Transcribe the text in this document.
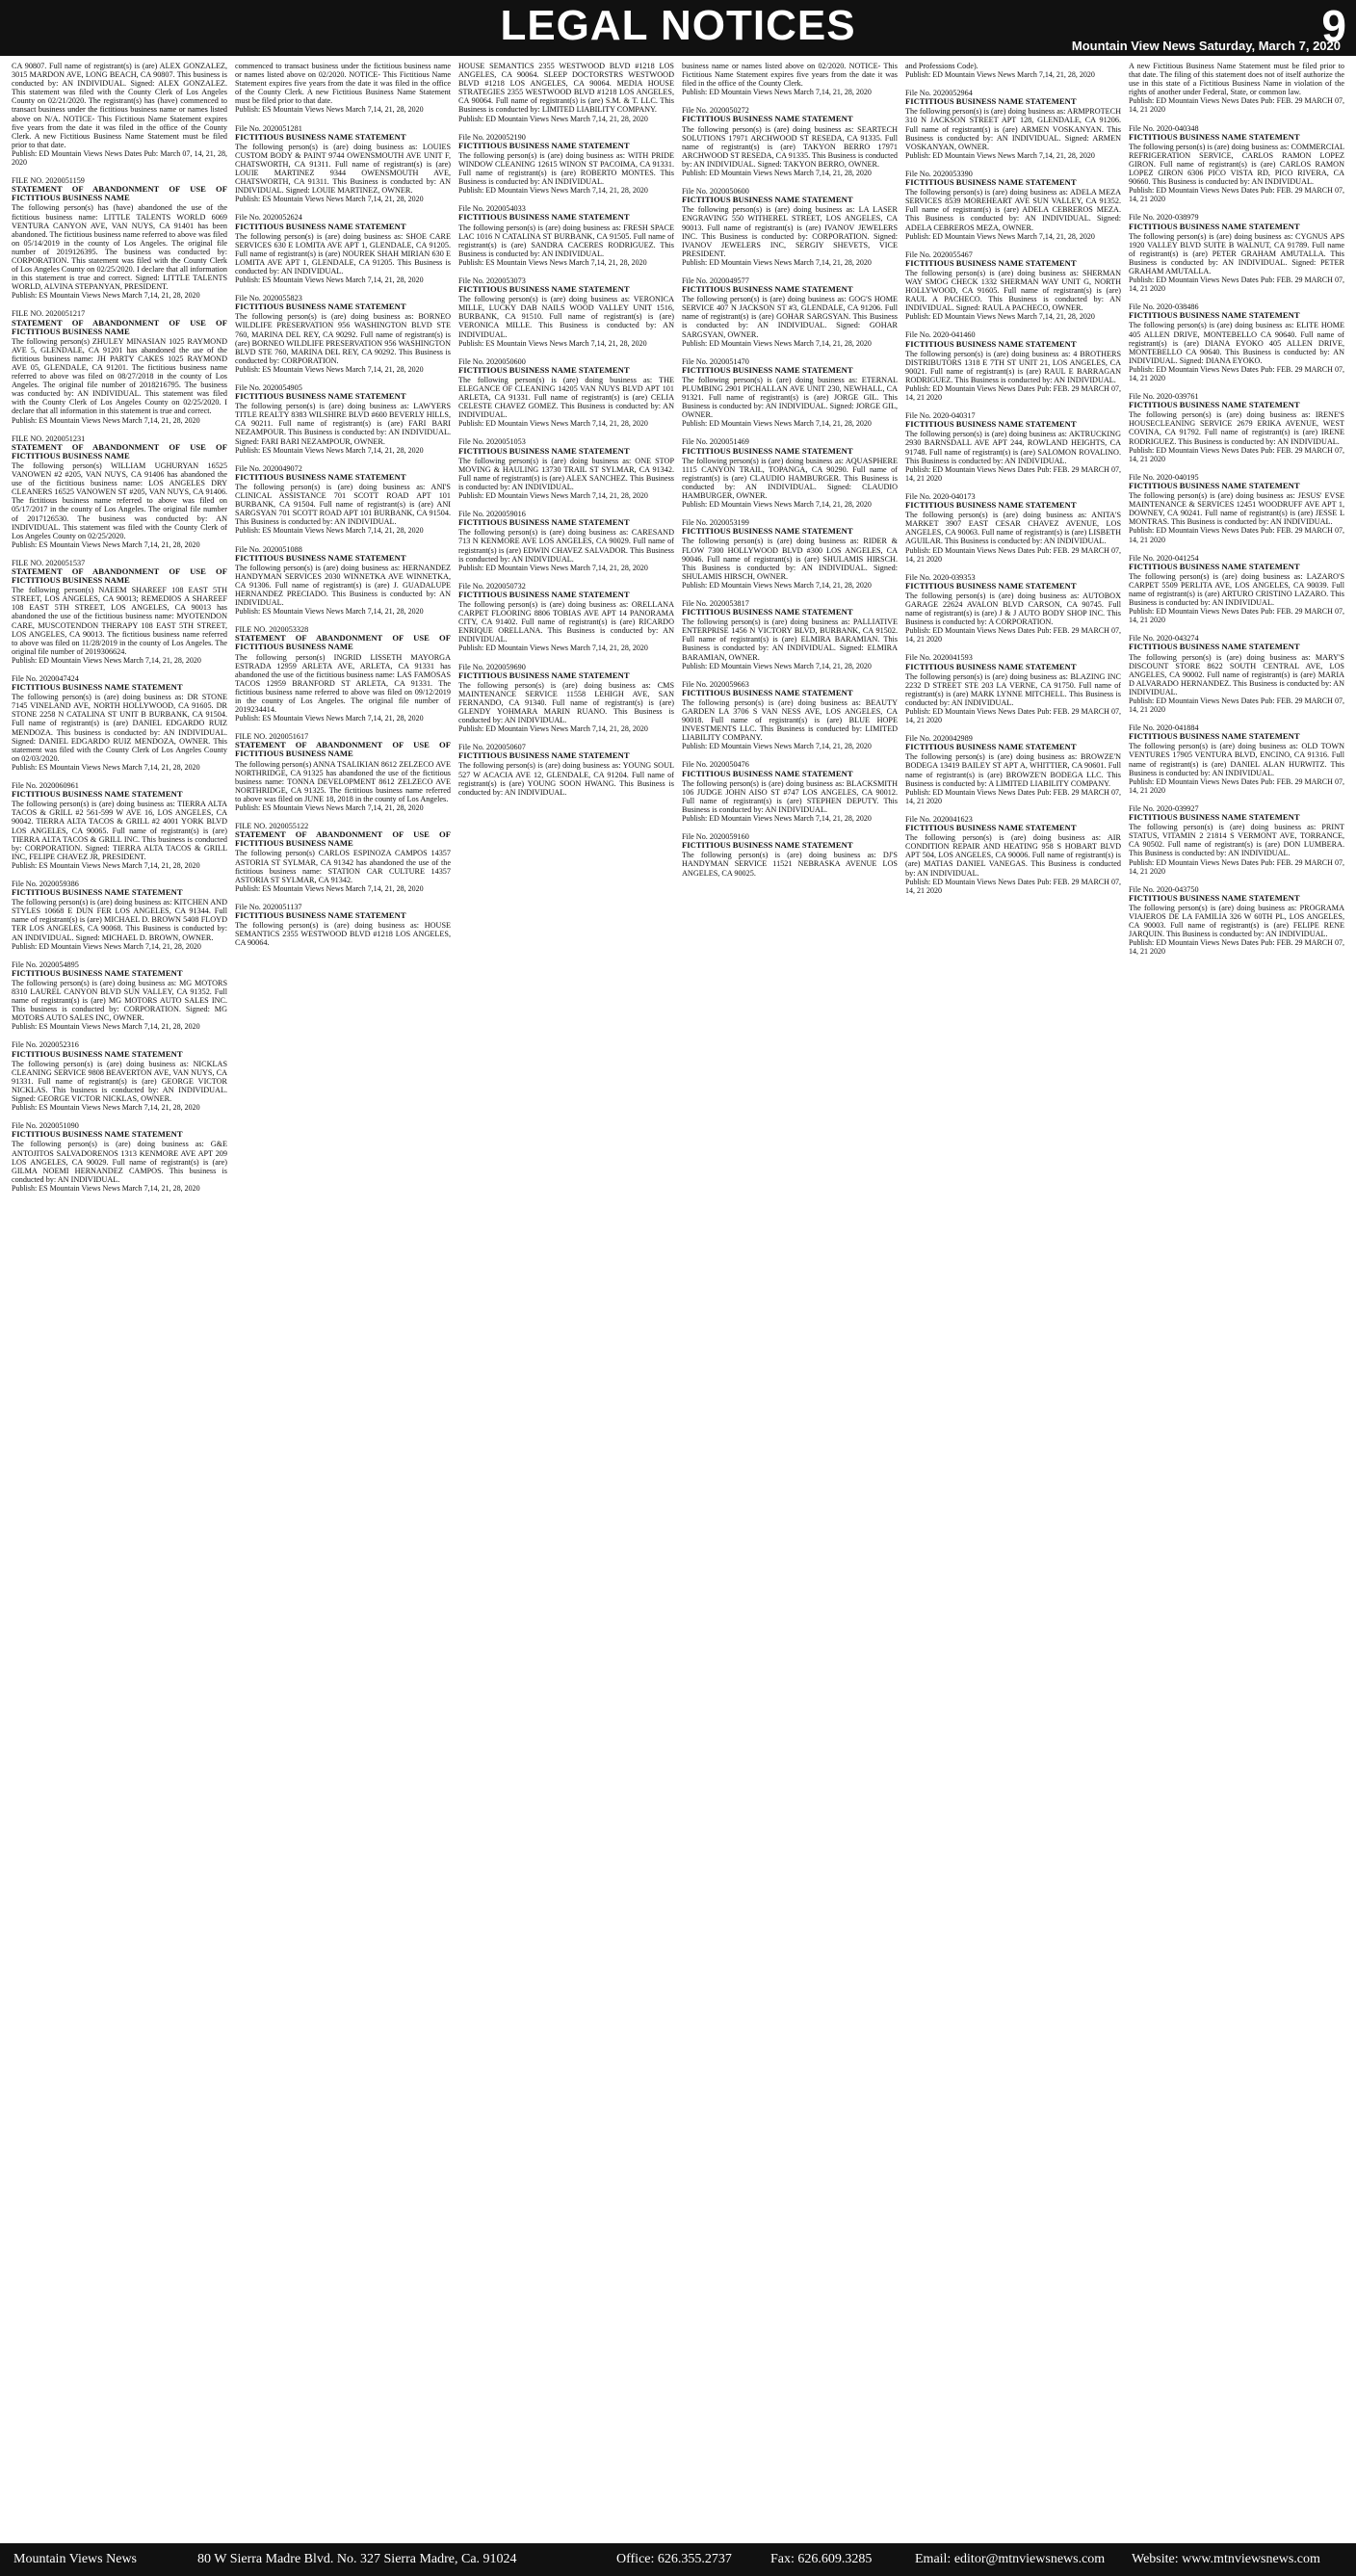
LEGAL NOTICES	9
Mountain View News Saturday, March 7, 2020
CA 90807. Full name of registrant(s) is (are) ALEX GONZALEZ, 3015 MARDON AVE, LONG BEACH, CA 90807. This business is conducted by: AN INDIVIDUAL. Signed: ALEX GONZALEZ. This statement was filed with the County Clerk of Los Angeles County on 02/21/2020. The registrant(s) has (have) commenced to transact business under the fictitious business name or names listed above on N/A. NOTICE- This Fictitious Name Statement expires five years from the date it was filed in the office of the County Clerk. A new Fictitious Business Name Statement must be filed prior to that date.
Publish: ED Mountain Views News Dates Pub: March 07, 14, 21, 28, 2020
FILE NO. 2020051159
STATEMENT OF ABANDONMENT OF USE OF FICTITIOUS BUSINESS NAME
The following person(s) has (have) abandoned the use of the fictitious business name: LITTLE TALENTS WORLD 6069 VENTURA CANYON AVE, VAN NUYS, CA 91401 has been abandoned. The fictitious business name referred to above was filed on 05/14/2019 in the county of Los Angeles. The original file number of 2019126395. The business was conducted by: CORPORATION. This statement was filed with the County Clerk of Los Angeles County on 02/25/2020. I declare that all information in this statement is true and correct. Signed: LITTLE TALENTS WORLD, ALVINA STEPANYAN, PRESIDENT.
Publish: ES Mountain Views News March 7,14, 21, 28, 2020
FILE NO. 2020051217
STATEMENT OF ABANDONMENT OF USE OF FICTITIOUS BUSINESS NAME
The following person(s) ZHULEY MINASIAN 1025 RAYMOND AVE 5, GLENDALE, CA 91201 has abandoned the use of the fictitious business name: JH PARTY CAKES 1025 RAYMOND AVE 05, GLENDALE, CA 91201. The fictitious business name referred to above was filed on 08/27/2018 in the county of Los Angeles. The original file number of 2018216795. The business was conducted by: AN INDIVIDUAL. This statement was filed with the County Clerk of Los Angeles County on 02/25/2020. I declare that all information in this statement is true and correct.
Publish: ES Mountain Views News March 7,14, 21, 28, 2020
FILE NO. 2020051231
STATEMENT OF ABANDONMENT OF USE OF FICTITIOUS BUSINESS NAME
The following person(s) WILLIAM UGHURYAN 16525 VANOWEN #2 #205, VAN NUYS, CA 91406 has abandoned the use of the fictitious business name: LOS ANGELES DRY CLEANERS 16525 VANOWEN ST #205, VAN NUYS, CA 91406. The fictitious business name referred to above was filed on 05/17/2017 in the county of Los Angeles. The original file number of 2017126530. The business was conducted by: AN INDIVIDUAL. This statement was filed with the County Clerk of Los Angeles County on 02/25/2020.
Publish: ES Mountain Views News March 7,14, 21, 28, 2020
FILE NO. 2020051537
STATEMENT OF ABANDONMENT OF USE OF FICTITIOUS BUSINESS NAME
The following person(s) NAEEM SHAREEF 108 EAST 5TH STREET, LOS ANGELES, CA 90013; REMEDIOS A SHAREEF 108 EAST 5TH STREET, LOS ANGELES, CA 90013 has abandoned the use of the fictitious business name: MYOTENDON CARE, MUSCOTENDON THERAPY 108 EAST 5TH STREET, LOS ANGELES, CA 90013. The fictitious business name referred to above was filed on 11/28/2019 in the county of Los Angeles. The original file number of 2019306624.
Publish: ED Mountain Views News March 7,14, 21, 28, 2020
File No. 2020047424
FICTITIOUS BUSINESS NAME STATEMENT
The following person(s) is (are) doing business as: DR STONE 7145 VINELAND AVE, NORTH HOLLYWOOD, CA 91605. DR STONE 2258 N CATALINA ST UNIT B BURBANK, CA 91504. Full name of registrant(s) is (are) DANIEL EDGARDO RUIZ MENDOZA. This business is conducted by: AN INDIVIDUAL. Signed: DANIEL EDGARDO RUIZ MENDOZA, OWNER. This statement was filed with the County Clerk of Los Angeles County on 02/03/2020.
Publish: ES Mountain Views News March 7,14, 21, 28, 2020
File No. 2020060961
FICTITIOUS BUSINESS NAME STATEMENT
The following person(s) is (are) doing business as: TIERRA ALTA TACOS & GRILL #2 561-599 W AVE 16, LOS ANGELES, CA 90042. TIERRA ALTA TACOS & GRILL #2 4001 YORK BLVD LOS ANGELES, CA 90065. Full name of registrant(s) is (are) TIERRA ALTA TACOS & GRILL INC. This business is conducted by: CORPORATION. Signed: TIERRA ALTA TACOS & GRILL INC, FELIPE CHAVEZ JR, PRESIDENT.
Publish: ES Mountain Views News March 7,14, 21, 28, 2020
File No. 2020059386
FICTITIOUS BUSINESS NAME STATEMENT
The following person(s) is (are) doing business as: KITCHEN AND STYLES 10668 E DUN FER LOS ANGELES, CA 91344. Full name of registrant(s) is (are) MICHAEL D. BROWN 5408 FLOYD TER LOS ANGELES, CA 90068. This Business is conducted by: AN INDIVIDUAL. Signed: MICHAEL D. BROWN, OWNER.
Publish: ED Mountain Views News March 7,14, 21, 28, 2020
File No. 2020054895
FICTITIOUS BUSINESS NAME STATEMENT
The following person(s) is (are) doing business as: MG MOTORS 8310 LAUREL CANYON BLVD SUN VALLEY, CA 91352. Full name of registrant(s) is (are) MG MOTORS AUTO SALES INC. This business is conducted by: CORPORATION. Signed: MG MOTORS AUTO SALES INC, OWNER.
Publish: ES Mountain Views News March 7,14, 21, 28, 2020
File No. 2020052316
FICTITIOUS BUSINESS NAME STATEMENT
The following person(s) is (are) doing business as: NICKLAS CLEANING SERVICE 9808 BEAVERTON AVE, VAN NUYS, CA 91331. Full name of registrant(s) is (are) GEORGE VICTOR NICKLAS. This business is conducted by: AN INDIVIDUAL. Signed: GEORGE VICTOR NICKLAS, OWNER.
Publish: ES Mountain Views News March 7,14, 21, 28, 2020
File No. 2020051090
FICTITIOUS BUSINESS NAME STATEMENT
The following person(s) is (are) doing business as: G&E ANTOJITOS SALVADORENOS 1313 KENMORE AVE APT 209 LOS ANGELES, CA 90029. Full name of registrant(s) is (are) GILMA NOEMI HERNANDEZ CAMPOS. This business is conducted by: AN INDIVIDUAL.
Publish: ES Mountain Views News March 7,14, 21, 28, 2020
commenced to transact business under the fictitious business name or names listed above on 02/2020. NOTICE- This Fictitious Name Statement expires five years from the date it was filed in the office of the County Clerk. A new Fictitious Business Name Statement must be filed prior to that date.
Publish: ES Mountain Views News March 7,14, 21, 28, 2020
File No. 2020051281
FICTITIOUS BUSINESS NAME STATEMENT
The following person(s) is (are) doing business as: LOUIES CUSTOM BODY & PAINT 9744 OWENSMOUTH AVE UNIT F, CHATSWORTH, CA 91311. Full name of registrant(s) is (are) LOUIE MARTINEZ 9344 OWENSMOUTH AVE, CHATSWORTH, CA 91311. This Business is conducted by: AN INDIVIDUAL. Signed: LOUIE MARTINEZ, OWNER.
Publish: ES Mountain Views News March 7,14, 21, 28, 2020
File No. 2020052624
FICTITIOUS BUSINESS NAME STATEMENT
The following person(s) is (are) doing business as: SHOE CARE SERVICES 630 E LOMITA AVE APT 1, GLENDALE, CA 91205. Full name of registrant(s) is (are) NOUREK SHAH MIRIAN 630 E LOMITA AVE APT 1, GLENDALE, CA 91205. This Business is conducted by: AN INDIVIDUAL.
Publish: ES Mountain Views News March 7,14, 21, 28, 2020
File No. 2020055823
FICTITIOUS BUSINESS NAME STATEMENT
The following person(s) is (are) doing business as: BORNEO WILDLIFE PRESERVATION 956 WASHINGTON BLVD STE 760, MARINA DEL REY, CA 90292. Full name of registrant(s) is (are) BORNEO WILDLIFE PRESERVATION 956 WASHINGTON BLVD STE 760, MARINA DEL REY, CA 90292. This Business is conducted by: CORPORATION.
Publish: ES Mountain Views News March 7,14, 21, 28, 2020
File No. 2020054905
FICTITIOUS BUSINESS NAME STATEMENT
The following person(s) is (are) doing business as: LAWYERS TITLE REALTY 8383 WILSHIRE BLVD #600 BEVERLY HILLS, CA 90211. Full name of registrant(s) is (are) FARI BARI NEZAMPOUR. This Business is conducted by: AN INDIVIDUAL. Signed: FARI BARI NEZAMPOUR, OWNER.
Publish: ES Mountain Views News March 7,14, 21, 28, 2020
File No. 2020049072
FICTITIOUS BUSINESS NAME STATEMENT
The following person(s) is (are) doing business as: ANI'S CLINICAL ASSISTANCE 701 SCOTT ROAD APT 101 BURBANK, CA 91504. Full name of registrant(s) is (are) ANI SARGSYAN 701 SCOTT ROAD APT 101 BURBANK, CA 91504. This Business is conducted by: AN INDIVIDUAL.
Publish: ES Mountain Views News March 7,14, 21, 28, 2020
File No. 2020051088
FICTITIOUS BUSINESS NAME STATEMENT
The following person(s) is (are) doing business as: HERNANDEZ HANDYMAN SERVICES 2030 WINNETKA AVE WINNETKA, CA 91306. Full name of registrant(s) is (are) J. GUADALUPE HERNANDEZ PRECIADO. This Business is conducted by: AN INDIVIDUAL.
Publish: ES Mountain Views News March 7,14, 21, 28, 2020
FILE NO. 2020053328
STATEMENT OF ABANDONMENT OF USE OF FICTITIOUS BUSINESS NAME
The following person(s) INGRID LISSETH MAYORGA ESTRADA 12959 ARLETA AVE, ARLETA, CA 91331 has abandoned the use of the fictitious business name: LAS FAMOSAS TACOS 12959 BRANFORD ST ARLETA, CA 91331. The fictitious business name referred to above was filed on 09/12/2019 in the county of Los Angeles. The original file number of 2019234414.
Publish: ES Mountain Views News March 7,14, 21, 28, 2020
FILE NO. 2020051617
STATEMENT OF ABANDONMENT OF USE OF FICTITIOUS BUSINESS NAME
The following person(s) ANNA TSALIKIAN 8612 ZELZECO AVE NORTHRIDGE, CA 91325 has abandoned the use of the fictitious business name: TONNA DEVELOPMENT 8612 ZELZECO AVE NORTHRIDGE, CA 91325. The fictitious business name referred to above was filed on JUNE 18, 2018 in the county of Los Angeles.
Publish: ES Mountain Views News March 7,14, 21, 28, 2020
FILE NO. 2020055122
STATEMENT OF ABANDONMENT OF USE OF FICTITIOUS BUSINESS NAME
The following person(s) CARLOS ESPINOZA CAMPOS 14357 ASTORIA ST SYLMAR, CA 91342 has abandoned the use of the fictitious business name: STATION CAR CULTURE 14357 ASTORIA ST SYLMAR, CA 91342.
Publish: ES Mountain Views News March 7,14, 21, 28, 2020
File No. 2020051137
FICTITIOUS BUSINESS NAME STATEMENT
The following person(s) is (are) doing business as: HOUSE SEMANTICS 2355 WESTWOOD BLVD #1218 LOS ANGELES, CA 90064.
HOUSE SEMANTICS 2355 WESTWOOD BLVD #1218 LOS ANGELES, CA 90064. SLEEP DOCTORSTRS WESTWOOD BLVD #1218 LOS ANGELES, CA 90064. MEDIA HOUSE STRATEGIES 2355 WESTWOOD BLVD #1218 LOS ANGELES, CA 90064. Full name of registrant(s) is (are) S.M. & T. LLC. This Business is conducted by: LIMITED LIABILITY COMPANY.
Publish: ED Mountain Views News March 7,14, 21, 28, 2020
File No. 2020052190
FICTITIOUS BUSINESS NAME STATEMENT
The following person(s) is (are) doing business as: WITH PRIDE WINDOW CLEANING 12615 WINON ST PACOIMA, CA 91331. Full name of registrant(s) is (are) ROBERTO MONTES. This Business is conducted by: AN INDIVIDUAL.
Publish: ED Mountain Views News March 7,14, 21, 28, 2020
File No. 2020054033
FICTITIOUS BUSINESS NAME STATEMENT
The following person(s) is (are) doing business as: FRESH SPACE LAC 1016 N CATALINA ST BURBANK, CA 91505. Full name of registrant(s) is (are) SANDRA CACERES RODRIGUEZ. This Business is conducted by: AN INDIVIDUAL.
Publish: ES Mountain Views News March 7,14, 21, 28, 2020
File No. 2020053073
FICTITIOUS BUSINESS NAME STATEMENT
The following person(s) is (are) doing business as: VERONICA MILLE, LUCKY DAB NAILS WOOD VALLEY UNIT 1516, BURBANK, CA 91510. Full name of registrant(s) is (are) VERONICA MILLE. This Business is conducted by: AN INDIVIDUAL.
Publish: ES Mountain Views News March 7,14, 21, 28, 2020
File No. 2020050600
FICTITIOUS BUSINESS NAME STATEMENT
The following person(s) is (are) doing business as: THE ELEGANCE OF CLEANING 14205 VAN NUYS BLVD APT 101 ARLETA, CA 91331. Full name of registrant(s) is (are) CELIA CELESTE CHAVEZ GOMEZ. This Business is conducted by: AN INDIVIDUAL.
Publish: ED Mountain Views News March 7,14, 21, 28, 2020
File No. 2020051053
FICTITIOUS BUSINESS NAME STATEMENT
The following person(s) is (are) doing business as: ONE STOP MOVING & HAULING 13730 TRAIL ST SYLMAR, CA 91342. Full name of registrant(s) is (are) ALEX SANCHEZ. This Business is conducted by: AN INDIVIDUAL.
Publish: ED Mountain Views News March 7,14, 21, 28, 2020
File No. 2020059016
FICTITIOUS BUSINESS NAME STATEMENT
The following person(s) is (are) doing business as: CARESAND 713 N KENMORE AVE LOS ANGELES, CA 90029. Full name of registrant(s) is (are) EDWIN CHAVEZ SALVADOR. This Business is conducted by: AN INDIVIDUAL.
Publish: ED Mountain Views News March 7,14, 21, 28, 2020
File No. 2020050732
FICTITIOUS BUSINESS NAME STATEMENT
The following person(s) is (are) doing business as: ORELLANA CARPET FLOORING 8806 TOBIAS AVE APT 14 PANORAMA CITY, CA 91402. Full name of registrant(s) is (are) RICARDO ENRIQUE ORELLANA. This Business is conducted by: AN INDIVIDUAL.
Publish: ED Mountain Views News March 7,14, 21, 28, 2020
File No. 2020059690
FICTITIOUS BUSINESS NAME STATEMENT
The following person(s) is (are) doing business as: CMS MAINTENANCE SERVICE 11558 LEHIGH AVE, SAN FERNANDO, CA 91340. Full name of registrant(s) is (are) GLENDY YOHMARA MARIN RUANO. This Business is conducted by: AN INDIVIDUAL.
Publish: ED Mountain Views News March 7,14, 21, 28, 2020
File No. 2020050607
FICTITIOUS BUSINESS NAME STATEMENT
The following person(s) is (are) doing business as: YOUNG SOUL 527 W ACACIA AVE 12, GLENDALE, CA 91204. Full name of registrant(s) is (are) YOUNG SOON HWANG. This Business is conducted by: AN INDIVIDUAL.
business name or names listed above on 02/2020. NOTICE- This Fictitious Name Statement expires five years from the date it was filed in the office of the County Clerk.
Publish: ED Mountain Views News March 7,14, 21, 28, 2020
File No. 2020050272
FICTITIOUS BUSINESS NAME STATEMENT
The following person(s) is (are) doing business as: SEARTECH SOLUTIONS 17971 ARCHWOOD ST RESEDA, CA 91335. Full name of registrant(s) is (are) TAKYON BERRO 17971 ARCHWOOD ST RESEDA, CA 91335. This Business is conducted by: AN INDIVIDUAL. Signed: TAKYON BERRO, OWNER.
Publish: ED Mountain Views News March 7,14, 21, 28, 2020
File No. 2020050600
FICTITIOUS BUSINESS NAME STATEMENT
The following person(s) is (are) doing business as: LA LASER ENGRAVING 550 WITHEREL STREET, LOS ANGELES, CA 90013. Full name of registrant(s) is (are) IVANOV JEWELERS INC. This Business is conducted by: CORPORATION. Signed: IVANOV JEWELERS INC, SERGIY SHEVETS, VICE PRESIDENT.
Publish: ED Mountain Views News March 7,14, 21, 28, 2020
File No. 2020049577
FICTITIOUS BUSINESS NAME STATEMENT
The following person(s) is (are) doing business as: GOG'S HOME SERVICE 407 N JACKSON ST #3, GLENDALE, CA 91206. Full name of registrant(s) is (are) GOHAR SARGSYAN. This Business is conducted by: AN INDIVIDUAL. Signed: GOHAR SARGSYAN, OWNER.
Publish: ED Mountain Views News March 7,14, 21, 28, 2020
File No. 2020051470
FICTITIOUS BUSINESS NAME STATEMENT
The following person(s) is (are) doing business as: ETERNAL PLUMBING 2901 PICHALLAN AVE UNIT 230, NEWHALL, CA 91321. Full name of registrant(s) is (are) JORGE GIL. This Business is conducted by: AN INDIVIDUAL. Signed: JORGE GIL, OWNER.
Publish: ED Mountain Views News March 7,14, 21, 28, 2020
File No. 2020051469
FICTITIOUS BUSINESS NAME STATEMENT
The following person(s) is (are) doing business as: AQUASPHERE 1115 CANYON TRAIL, TOPANGA, CA 90290. Full name of registrant(s) is (are) CLAUDIO HAMBURGER. This Business is conducted by: AN INDIVIDUAL. Signed: CLAUDIO HAMBURGER, OWNER.
Publish: ED Mountain Views News March 7,14, 21, 28, 2020
File No. 2020053199
FICTITIOUS BUSINESS NAME STATEMENT
The following person(s) is (are) doing business as: RIDER & FLOW 7300 HOLLYWOOD BLVD #300 LOS ANGELES, CA 90046. Full name of registrant(s) is (are) SHULAMIS HIRSCH. This Business is conducted by: AN INDIVIDUAL. Signed: SHULAMIS HIRSCH, OWNER.
Publish: ED Mountain Views News March 7,14, 21, 28, 2020
File No. 2020053817
FICTITIOUS BUSINESS NAME STATEMENT
The following person(s) is (are) doing business as: PALLIATIVE ENTERPRISE 1456 N VICTORY BLVD, BURBANK, CA 91502. Full name of registrant(s) is (are) ELMIRA BARAMIAN. This Business is conducted by: AN INDIVIDUAL. Signed: ELMIRA BARAMIAN, OWNER.
Publish: ED Mountain Views News March 7,14, 21, 28, 2020
File No. 2020059663
FICTITIOUS BUSINESS NAME STATEMENT
The following person(s) is (are) doing business as: BEAUTY GARDEN LA 3706 S VAN NESS AVE, LOS ANGELES, CA 90018. Full name of registrant(s) is (are) BLUE HOPE INVESTMENTS LLC. This Business is conducted by: LIMITED LIABILITY COMPANY.
Publish: ED Mountain Views News March 7,14, 21, 28, 2020
File No. 2020050476
FICTITIOUS BUSINESS NAME STATEMENT
The following person(s) is (are) doing business as: BLACKSMITH 106 JUDGE JOHN AISO ST #747 LOS ANGELES, CA 90012. Full name of registrant(s) is (are) STEPHEN DEPUTY. This Business is conducted by: AN INDIVIDUAL.
Publish: ED Mountain Views News March 7,14, 21, 28, 2020
File No. 2020059160
FICTITIOUS BUSINESS NAME STATEMENT
The following person(s) is (are) doing business as: DJ'S HANDYMAN SERVICE 11521 NEBRASKA AVENUE LOS ANGELES, CA 90025.
and Professions Code).
Publish: ED Mountain Views News March 7,14, 21, 28, 2020
File No. 2020052964
FICTITIOUS BUSINESS NAME STATEMENT
The following person(s) is (are) doing business as: ARMPROTECH 310 N JACKSON STREET APT 128, GLENDALE, CA 91206. Full name of registrant(s) is (are) ARMEN VOSKANYAN. This Business is conducted by: AN INDIVIDUAL. Signed: ARMEN VOSKANYAN, OWNER.
Publish: ED Mountain Views News March 7,14, 21, 28, 2020
File No. 2020053390
FICTITIOUS BUSINESS NAME STATEMENT
The following person(s) is (are) doing business as: ADELA MEZA SERVICES 8539 MOREHEART AVE SUN VALLEY, CA 91352. Full name of registrant(s) is (are) ADELA CEBREROS MEZA. This Business is conducted by: AN INDIVIDUAL. Signed: ADELA CEBREROS MEZA, OWNER.
Publish: ED Mountain Views News March 7,14, 21, 28, 2020
File No. 2020055467
FICTITIOUS BUSINESS NAME STATEMENT
The following person(s) is (are) doing business as: SHERMAN WAY SMOG CHECK 1332 SHERMAN WAY UNIT G, NORTH HOLLYWOOD, CA 91605. Full name of registrant(s) is (are) RAUL A PACHECO. This Business is conducted by: AN INDIVIDUAL. Signed: RAUL A PACHECO, OWNER.
Publish: ED Mountain Views News March 7,14, 21, 28, 2020
File No. 2020-041460
FICTITIOUS BUSINESS NAME STATEMENT
The following person(s) is (are) doing business as: 4 BROTHERS DISTRIBUTORS 1318 E 7TH ST UNIT 21, LOS ANGELES, CA 90021. Full name of registrant(s) is (are) RAUL E BARRAGAN RODRIGUEZ. This Business is conducted by: AN INDIVIDUAL.
Publish: ED Mountain Views News Dates Pub: FEB. 29 MARCH 07, 14, 21 2020
File No. 2020-040317
FICTITIOUS BUSINESS NAME STATEMENT
The following person(s) is (are) doing business as: AKTRUCKING 2930 BARNSDALL AVE APT 244, ROWLAND HEIGHTS, CA 91748. Full name of registrant(s) is (are) SALOMON ROVALINO. This Business is conducted by: AN INDIVIDUAL.
Publish: ED Mountain Views News Dates Pub: FEB. 29 MARCH 07, 14, 21 2020
File No. 2020-040173
FICTITIOUS BUSINESS NAME STATEMENT
The following person(s) is (are) doing business as: ANITA'S MARKET 3907 EAST CESAR CHAVEZ AVENUE, LOS ANGELES, CA 90063. Full name of registrant(s) is (are) LISBETH AGUILAR. This Business is conducted by: AN INDIVIDUAL.
Publish: ED Mountain Views News Dates Pub: FEB. 29 MARCH 07, 14, 21 2020
File No. 2020-039353
FICTITIOUS BUSINESS NAME STATEMENT
The following person(s) is (are) doing business as: AUTOBOX GARAGE 22624 AVALON BLVD CARSON, CA 90745. Full name of registrant(s) is (are) J & J AUTO BODY SHOP INC. This Business is conducted by: A CORPORATION.
Publish: ED Mountain Views News Dates Pub: FEB. 29 MARCH 07, 14, 21 2020
File No. 2020041593
FICTITIOUS BUSINESS NAME STATEMENT
The following person(s) is (are) doing business as: BLAZING INC 2232 D STREET STE 203 LA VERNE, CA 91750. Full name of registrant(s) is (are) MARK LYNNE MITCHELL. This Business is conducted by: AN INDIVIDUAL.
Publish: ED Mountain Views News Dates Pub: FEB. 29 MARCH 07, 14, 21 2020
File No. 2020042989
FICTITIOUS BUSINESS NAME STATEMENT
The following person(s) is (are) doing business as: BROWZE'N BODEGA 13419 BAILEY ST APT A, WHITTIER, CA 90601. Full name of registrant(s) is (are) BROWZE'N BODEGA LLC. This Business is conducted by: A LIMITED LIABILITY COMPANY.
Publish: ED Mountain Views News Dates Pub: FEB. 29 MARCH 07, 14, 21 2020
File No. 2020041623
FICTITIOUS BUSINESS NAME STATEMENT
The following person(s) is (are) doing business as: AIR CONDITION REPAIR AND HEATING 958 S HOBART BLVD APT 504, LOS ANGELES, CA 90006. Full name of registrant(s) is (are) MATIAS DANIEL VANEGAS. This Business is conducted by: AN INDIVIDUAL.
Publish: ED Mountain Views News Dates Pub: FEB. 29 MARCH 07, 14, 21 2020
A new Fictitious Business Name Statement must be filed prior to that date. The filing of this statement does not of itself authorize the use in this state of a Fictitious Business Name in violation of the rights of another under Federal, State, or common law.
Publish: ED Mountain Views News Dates Pub: FEB. 29 MARCH 07, 14, 21 2020
File No. 2020-040348
FICTITIOUS BUSINESS NAME STATEMENT
The following person(s) is (are) doing business as: COMMERCIAL REFRIGERATION SERVICE, CARLOS RAMON LOPEZ GIRON. Full name of registrant(s) is (are) CARLOS RAMON LOPEZ GIRON 6306 PICO VISTA RD, PICO RIVERA, CA 90660. This Business is conducted by: AN INDIVIDUAL.
Publish: ED Mountain Views News Dates Pub: FEB. 29 MARCH 07, 14, 21 2020
File No. 2020-038979
FICTITIOUS BUSINESS NAME STATEMENT
The following person(s) is (are) doing business as: CYGNUS APS 1920 VALLEY BLVD SUITE B WALNUT, CA 91789. Full name of registrant(s) is (are) PETER GRAHAM AMUTALLA. This Business is conducted by: AN INDIVIDUAL. Signed: PETER GRAHAM AMUTALLA.
Publish: ED Mountain Views News Dates Pub: FEB. 29 MARCH 07, 14, 21 2020
File No. 2020-038486
FICTITIOUS BUSINESS NAME STATEMENT
The following person(s) is (are) doing business as: ELITE HOME 405 ALLEN DRIVE, MONTEBELLO CA 90640. Full name of registrant(s) is (are) DIANA EYOKO 405 ALLEN DRIVE, MONTEBELLO CA 90640. This Business is conducted by: AN INDIVIDUAL. Signed: DIANA EYOKO.
Publish: ED Mountain Views News Dates Pub: FEB. 29 MARCH 07, 14, 21 2020
File No. 2020-039761
FICTITIOUS BUSINESS NAME STATEMENT
The following person(s) is (are) doing business as: IRENE'S HOUSECLEANING SERVICE 2679 ERIKA AVENUE, WEST COVINA, CA 91792. Full name of registrant(s) is (are) IRENE RODRIGUEZ. This Business is conducted by: AN INDIVIDUAL.
Publish: ED Mountain Views News Dates Pub: FEB. 29 MARCH 07, 14, 21 2020
File No. 2020-040195
FICTITIOUS BUSINESS NAME STATEMENT
The following person(s) is (are) doing business as: JESUS' EVSE MAINTENANCE & SERVICES 12451 WOODRUFF AVE APT 1, DOWNEY, CA 90241. Full name of registrant(s) is (are) JESSE L MONTRAS. This Business is conducted by: AN INDIVIDUAL.
Publish: ED Mountain Views News Dates Pub: FEB. 29 MARCH 07, 14, 21 2020
File No. 2020-041254
FICTITIOUS BUSINESS NAME STATEMENT
The following person(s) is (are) doing business as: LAZARO'S CARPET 5509 PERLITA AVE, LOS ANGELES, CA 90039. Full name of registrant(s) is (are) ARTURO CRISTINO LAZARO. This Business is conducted by: AN INDIVIDUAL.
Publish: ED Mountain Views News Dates Pub: FEB. 29 MARCH 07, 14, 21 2020
File No. 2020-043274
FICTITIOUS BUSINESS NAME STATEMENT
The following person(s) is (are) doing business as: MARY'S DISCOUNT STORE 8622 SOUTH CENTRAL AVE, LOS ANGELES, CA 90002. Full name of registrant(s) is (are) MARIA D ALVARADO HERNANDEZ. This Business is conducted by: AN INDIVIDUAL.
Publish: ED Mountain Views News Dates Pub: FEB. 29 MARCH 07, 14, 21 2020
File No. 2020-041884
FICTITIOUS BUSINESS NAME STATEMENT
The following person(s) is (are) doing business as: OLD TOWN VENTURES 17905 VENTURA BLVD, ENCINO, CA 91316. Full name of registrant(s) is (are) DANIEL ALAN HURWITZ. This Business is conducted by: AN INDIVIDUAL.
Publish: ED Mountain Views News Dates Pub: FEB. 29 MARCH 07, 14, 21 2020
File No. 2020-039927
FICTITIOUS BUSINESS NAME STATEMENT
The following person(s) is (are) doing business as: PRINT STATUS, VITAMIN 2 21814 S VERMONT AVE, TORRANCE, CA 90502. Full name of registrant(s) is (are) DON LUMBERA. This Business is conducted by: AN INDIVIDUAL.
Publish: ED Mountain Views News Dates Pub: FEB. 29 MARCH 07, 14, 21 2020
File No. 2020-043750
FICTITIOUS BUSINESS NAME STATEMENT
The following person(s) is (are) doing business as: PROGRAMA VIAJEROS DE LA FAMILIA 326 W 60TH PL, LOS ANGELES, CA 90003. Full name of registrant(s) is (are) FELIPE RENE JARQUIN. This Business is conducted by: AN INDIVIDUAL.
Publish: ED Mountain Views News Dates Pub: FEB. 29 MARCH 07, 14, 21 2020
Mountain Views News	80 W Sierra Madre Blvd. No. 327 Sierra Madre, Ca. 91024	Office: 626.355.2737	Fax: 626.609.3285	Email: editor@mtnviewsnews.com Website: www.mtnviewsnews.com
